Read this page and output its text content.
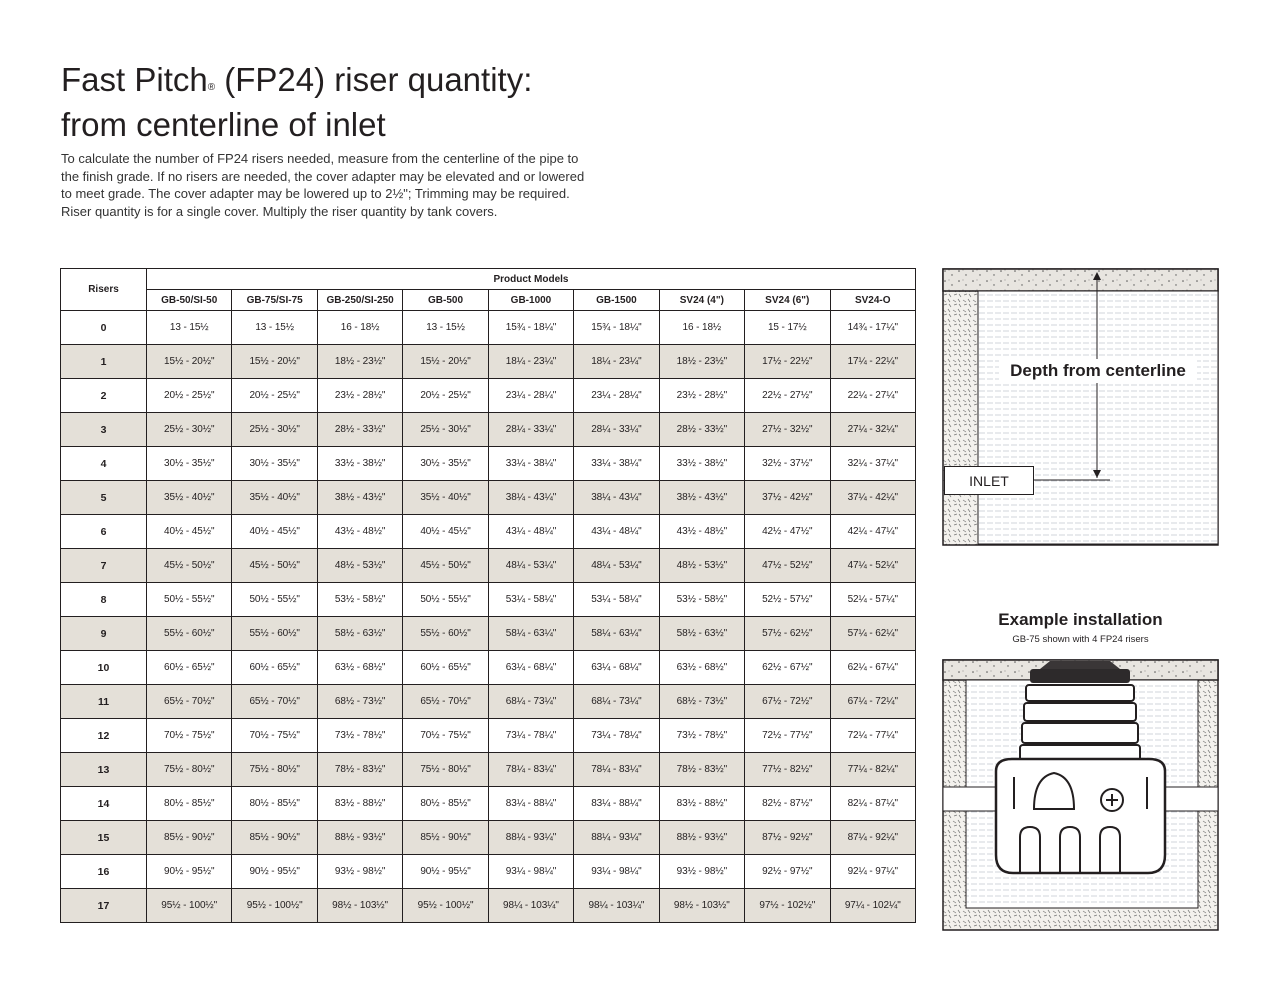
Fast Pitch® (FP24) riser quantity:
from centerline of inlet

To calculate the number of FP24 risers needed, measure from the centerline of the pipe to the finish grade. If no risers are needed, the cover adapter may be elevated and or lowered to meet grade. The cover adapter may be lowered up to 2½"; Trimming may be required. Riser quantity is for a single cover. Multiply the riser quantity by tank covers.

Risers	Product Models								
	GB-50/SI-50	GB-75/SI-75	GB-250/SI-250	GB-500	GB-1000	GB-1500	SV24 (4")	SV24 (6")	SV24-O
0	13 - 15½	13 - 15½	16 - 18½	13 - 15½	15¾ - 18¼"	15¾ - 18¼"	16 - 18½	15 - 17½	14¾ - 17¼"
1	15½ - 20½"	15½ - 20½"	18½ - 23½"	15½ - 20½"	18¼ - 23¼"	18¼ - 23¼"	18½ - 23½"	17½ - 22½"	17¼ - 22¼"
2	20½ - 25½"	20½ - 25½"	23½ - 28½"	20½ - 25½"	23¼ - 28¼"	23¼ - 28¼"	23½ - 28½"	22½ - 27½"	22¼ - 27¼"
3	25½ - 30½"	25½ - 30½"	28½ - 33½"	25½ - 30½"	28¼ - 33¼"	28¼ - 33¼"	28½ - 33½"	27½ - 32½"	27¼ - 32¼"
4	30½ - 35½"	30½ - 35½"	33½ - 38½"	30½ - 35½"	33¼ - 38¼"	33¼ - 38¼"	33½ - 38½"	32½ - 37½"	32¼ - 37¼"
5	35½ - 40½"	35½ - 40½"	38½ - 43½"	35½ - 40½"	38¼ - 43¼"	38¼ - 43¼"	38½ - 43½"	37½ - 42½"	37¼ - 42¼"
6	40½ - 45½"	40½ - 45½"	43½ - 48½"	40½ - 45½"	43¼ - 48¼"	43¼ - 48¼"	43½ - 48½"	42½ - 47½"	42¼ - 47¼"
7	45½ - 50½"	45½ - 50½"	48½ - 53½"	45½ - 50½"	48¼ - 53¼"	48¼ - 53¼"	48½ - 53½"	47½ - 52½"	47¼ - 52¼"
8	50½ - 55½"	50½ - 55½"	53½ - 58½"	50½ - 55½"	53¼ - 58¼"	53¼ - 58¼"	53½ - 58½"	52½ - 57½"	52¼ - 57¼"
9	55½ - 60½"	55½ - 60½"	58½ - 63½"	55½ - 60½"	58¼ - 63¼"	58¼ - 63¼"	58½ - 63½"	57½ - 62½"	57¼ - 62¼"
10	60½ - 65½"	60½ - 65½"	63½ - 68½"	60½ - 65½"	63¼ - 68¼"	63¼ - 68¼"	63½ - 68½"	62½ - 67½"	62¼ - 67¼"
11	65½ - 70½"	65½ - 70½"	68½ - 73½"	65½ - 70½"	68¼ - 73¼"	68¼ - 73¼"	68½ - 73½"	67½ - 72½"	67¼ - 72¼"
12	70½ - 75½"	70½ - 75½"	73½ - 78½"	70½ - 75½"	73¼ - 78¼"	73¼ - 78¼"	73½ - 78½"	72½ - 77½"	72¼ - 77¼"
13	75½ - 80½"	75½ - 80½"	78½ - 83½"	75½ - 80½"	78¼ - 83¼"	78¼ - 83¼"	78½ - 83½"	77½ - 82½"	77¼ - 82¼"
14	80½ - 85½"	80½ - 85½"	83½ - 88½"	80½ - 85½"	83¼ - 88¼"	83¼ - 88¼"	83½ - 88½"	82½ - 87½"	82¼ - 87¼"
15	85½ - 90½"	85½ - 90½"	88½ - 93½"	85½ - 90½"	88¼ - 93¼"	88¼ - 93¼"	88½ - 93½"	87½ - 92½"	87¼ - 92¼"
16	90½ - 95½"	90½ - 95½"	93½ - 98½"	90½ - 95½"	93¼ - 98¼"	93¼ - 98¼"	93½ - 98½"	92½ - 97½"	92¼ - 97¼"
17	95½ - 100½"	95½ - 100½"	98½ - 103½"	95½ - 100½"	98¼ - 103¼"	98¼ - 103¼"	98½ - 103½"	97½ - 102½"	97¼ - 102¼"
Depth from centerline
INLET
Example installation
GB-75 shown with 4 FP24 risers
